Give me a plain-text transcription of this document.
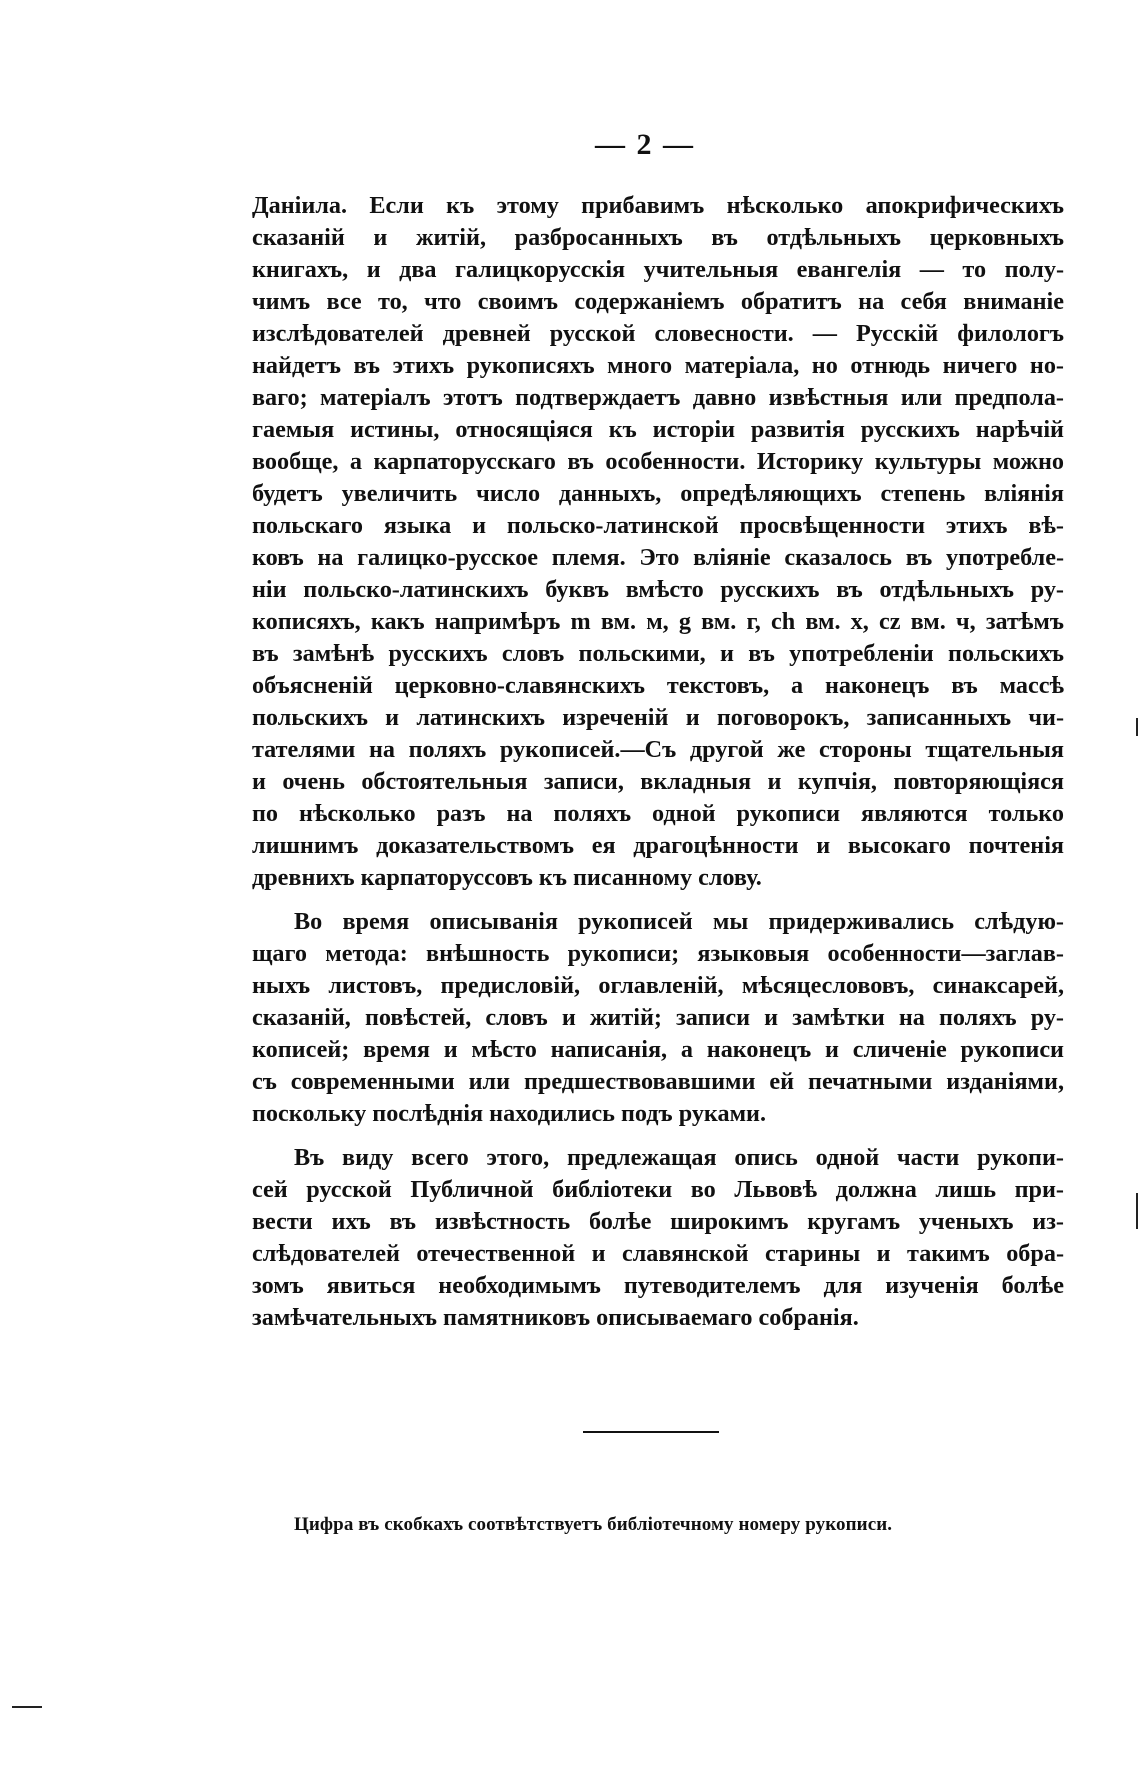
— 2 —

Данiила. Если къ этому прибавимъ нѣсколько апокрифическихъ
сказаній и житій, разбросанныхъ въ отдѣльныхъ церковныхъ
книгахъ, и два галицкорусскія учительныя евангелія — то полу-
чимъ все то, что своимъ содержаніемъ обратитъ на себя вниманіе
изслѣдователей древней русской словесности. — Русскій филологъ
найдетъ въ этихъ рукописяхъ много матеріала, но отнюдь ничего но-
ваго; матеріалъ этотъ подтверждаетъ давно извѣстныя или предпола-
гаемыя истины, относящіяся къ исторіи развитія русскихъ нарѣчій
вообще, а карпаторусскаго въ особенности. Историку культуры можно
будетъ увеличить число данныхъ, опредѣляющихъ степень вліянія
польскаго языка и польско-латинской просвѣщенности этихъ вѣ-
ковъ на галицко-русское племя. Это вліяніе сказалось въ употребле-
ніи польско-латинскихъ буквъ вмѣсто русскихъ въ отдѣльныхъ ру-
кописяхъ, какъ напримѣръ m вм. м, g вм. г, ch вм. х, cz вм. ч, затѣмъ
въ замѣнѣ русскихъ словъ польскими, и въ употребленіи польскихъ
объясненій церковно-славянскихъ текстовъ, а наконецъ въ массѣ
польскихъ и латинскихъ изреченій и поговорокъ, записанныхъ чи-
тателями на поляхъ рукописей.—Съ другой же стороны тщательныя
и очень обстоятельныя записи, вкладныя и купчія, повторяющіяся
по нѣсколько разъ на поляхъ одной рукописи являются только
лишнимъ доказательствомъ ея драгоцѣнности и высокаго почтенія
древнихъ карпаторуссовъ къ писанному слову.

Во время описыванія рукописей мы придерживались слѣдую-
щаго метода: внѣшность рукописи; языковыя особенности—заглав-
ныхъ листовъ, предисловій, оглавленій, мѣсяцеслововъ, синаксарей,
сказаній, повѣстей, словъ и житій; записи и замѣтки на поляхъ ру-
кописей; время и мѣсто написанія, а наконецъ и сличеніе рукописи
съ современными или предшествовавшими ей печатными изданіями,
поскольку послѣднія находились подъ руками.

Въ виду всего этого, предлежащая опись одной части рукопи-
сей русской Публичной библіотеки во Львовѣ должна лишь при-
вести ихъ въ извѣстность болѣе широкимъ кругамъ ученыхъ из-
слѣдователей отечественной и славянской старины и такимъ обра-
зомъ явиться необходимымъ путеводителемъ для изученія болѣе
замѣчательныхъ памятниковъ описываемаго собранія.

Цифра въ скобкахъ соотвѣтствуетъ библіотечному номеру рукописи.
